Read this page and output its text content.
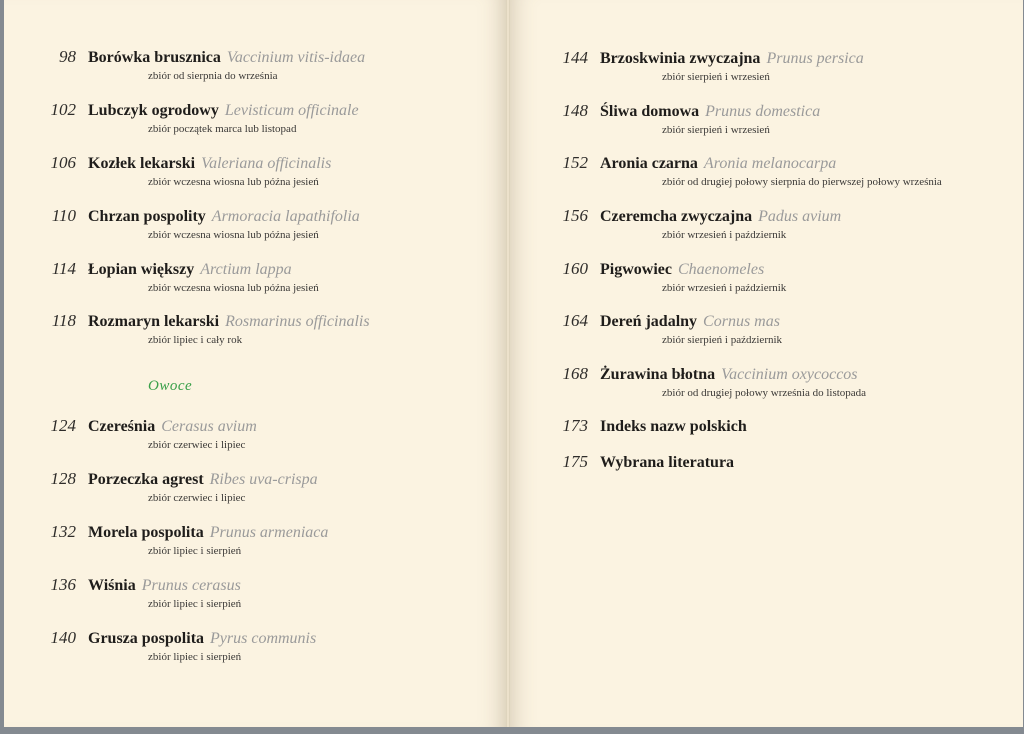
98 Borówka brusznica Vaccinium vitis-idaea
zbiór od sierpnia do września
102 Lubczyk ogrodowy Levisticum officinale
zbiór początek marca lub listopad
106 Kozłek lekarski Valeriana officinalis
zbiór wczesna wiosna lub późna jesień
110 Chrzan pospolity Armoracia lapathifolia
zbiór wczesna wiosna lub późna jesień
114 Łopian większy Arctium lappa
zbiór wczesna wiosna lub późna jesień
118 Rozmaryn lekarski Rosmarinus officinalis
zbiór lipiec i cały rok
Owoce
124 Czereśnia Cerasus avium
zbiór czerwiec i lipiec
128 Porzeczka agrest Ribes uva-crispa
zbiór czerwiec i lipiec
132 Morela pospolita Prunus armeniaca
zbiór lipiec i sierpień
136 Wiśnia Prunus cerasus
zbiór lipiec i sierpień
140 Grusza pospolita Pyrus communis
zbiór lipiec i sierpień
144 Brzoskwinia zwyczajna Prunus persica
zbiór sierpień i wrzesień
148 Śliwa domowa Prunus domestica
zbiór sierpień i wrzesień
152 Aronia czarna Aronia melanocarpa
zbiór od drugiej połowy sierpnia do pierwszej połowy września
156 Czeremcha zwyczajna Padus avium
zbiór wrzesień i październik
160 Pigwowiec Chaenomeles
zbiór wrzesień i październik
164 Dereń jadalny Cornus mas
zbiór sierpień i październik
168 Żurawina błotna Vaccinium oxycoccos
zbiór od drugiej połowy września do listopada
173 Indeks nazw polskich
175 Wybrana literatura
